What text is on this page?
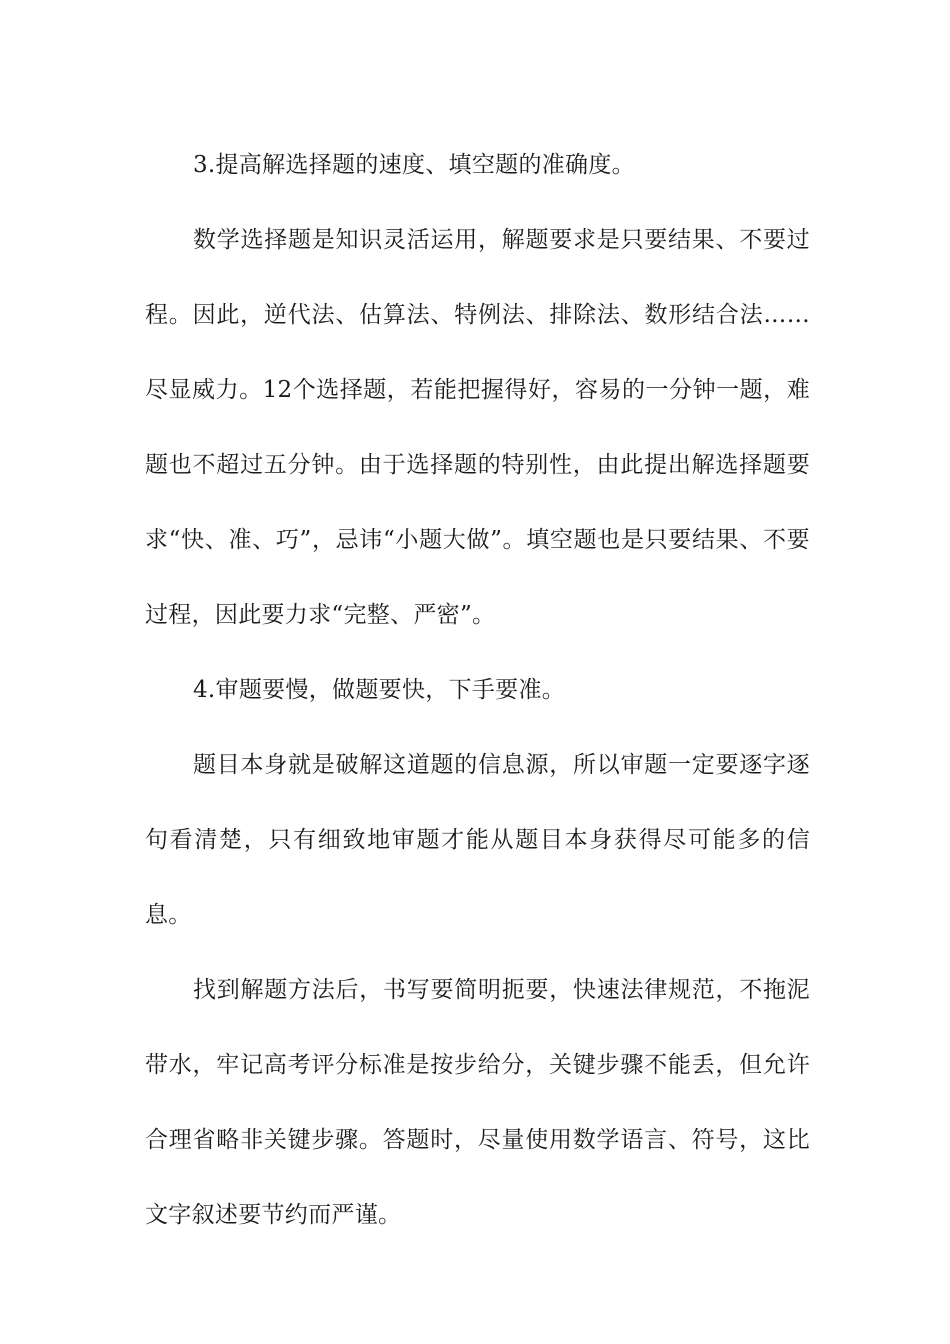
3.提高解选择题的速度、填空题的准确度。

数学选择题是知识灵活运用，解题要求是只要结果、不要过程。因此，逆代法、估算法、特例法、排除法、数形结合法……尽显威力。12个选择题，若能把握得好，容易的一分钟一题，难题也不超过五分钟。由于选择题的特别性，由此提出解选择题要求“快、准、巧”，忌讳“小题大做”。填空题也是只要结果、不要过程，因此要力求“完整、严密”。

4.审题要慢，做题要快，下手要准。

题目本身就是破解这道题的信息源，所以审题一定要逐字逐句看清楚，只有细致地审题才能从题目本身获得尽可能多的信息。

找到解题方法后，书写要简明扼要，快速法律规范，不拖泥带水，牢记高考评分标准是按步给分，关键步骤不能丢，但允许合理省略非关键步骤。答题时，尽量使用数学语言、符号，这比文字叙述要节约而严谨。
